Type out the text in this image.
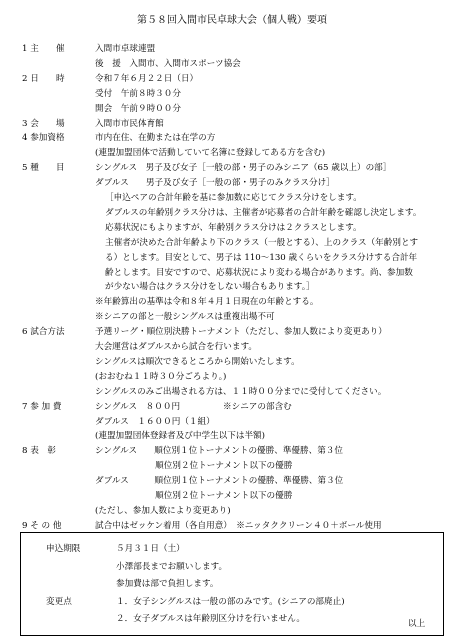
第５８回入間市民卓球大会（個人戦）要項
1 主　　催	入間市卓球連盟
後　援　入間市、入間市スポーツ協会
2 日　　時	令和７年６月２２日（日）
受付　午前８時３０分
開会　午前９時００分
3 会　　場	入間市市民体育館
4 参加資格	市内在住、在勤または在学の方
(連盟加盟団体で活動していて名簿に登録してある方を含む)
5 種　　目	シングルス　男子及び女子［一般の部・男子のみシニア（65 歳以上）の部］
ダブルス　　男子及び女子［一般の部・男子のみクラス分け］
［申込ペアの合計年齢を基に参加数に応じてクラス分けをします。
ダブルスの年齢別クラス分けは、主催者が応募者の合計年齢を確認し決定します。
応募状況にもよりますが、年齢別クラス分けは２クラスとします。
主催者が決めた合計年齢より下のクラス（一般とする）、上のクラス（年齢別とす
る）とします。目安として、男子は 110～130 歳くらいをクラス分けする合計年
齢とします。目安ですので、応募状況により変わる場合があります。尚、参加数
が少ない場合はクラス分けをしない場合もあります。］
※年齢算出の基準は令和８年４月１日現在の年齢とする。
※シニアの部と一般シングルスは重複出場不可
6 試合方法	予選リーグ・順位別決勝トーナメント（ただし、参加人数により変更あり）
大会運営はダブルスから試合を行います。
シングルスは順次できるところから開始いたします。
(おおむね１１時３０分ごろより。)
シングルスのみご出場される方は、１１時００分までに受付してください。
7 参 加 費	シングルス　８００円　　　　　※シニアの部含む
ダブルス　１６００円（１組）
(連盟加盟団体登録者及び中学生以下は半額)
8 表　彰	シングルス　　順位別１位トーナメントの優勝、準優勝、第３位
　　　　　　　順位別２位トーナメント以下の優勝
ダブルス　　　順位別１位トーナメントの優勝、準優勝、第３位
　　　　　　　順位別２位トーナメント以下の優勝
(ただし、参加人数により変更あり)
9 そ の 他	試合中はゼッケン着用（各自用意）　※ニッタククリーン４０＋ボール使用
申込期限	５月３１日（土）
小澤部長までお願いします。
参加費は部で負担します。
変更点	１．女子シングルスは一般の部のみです。(シニアの部廃止)
２．女子ダブルスは年齢別区分けを行いません。	以上
